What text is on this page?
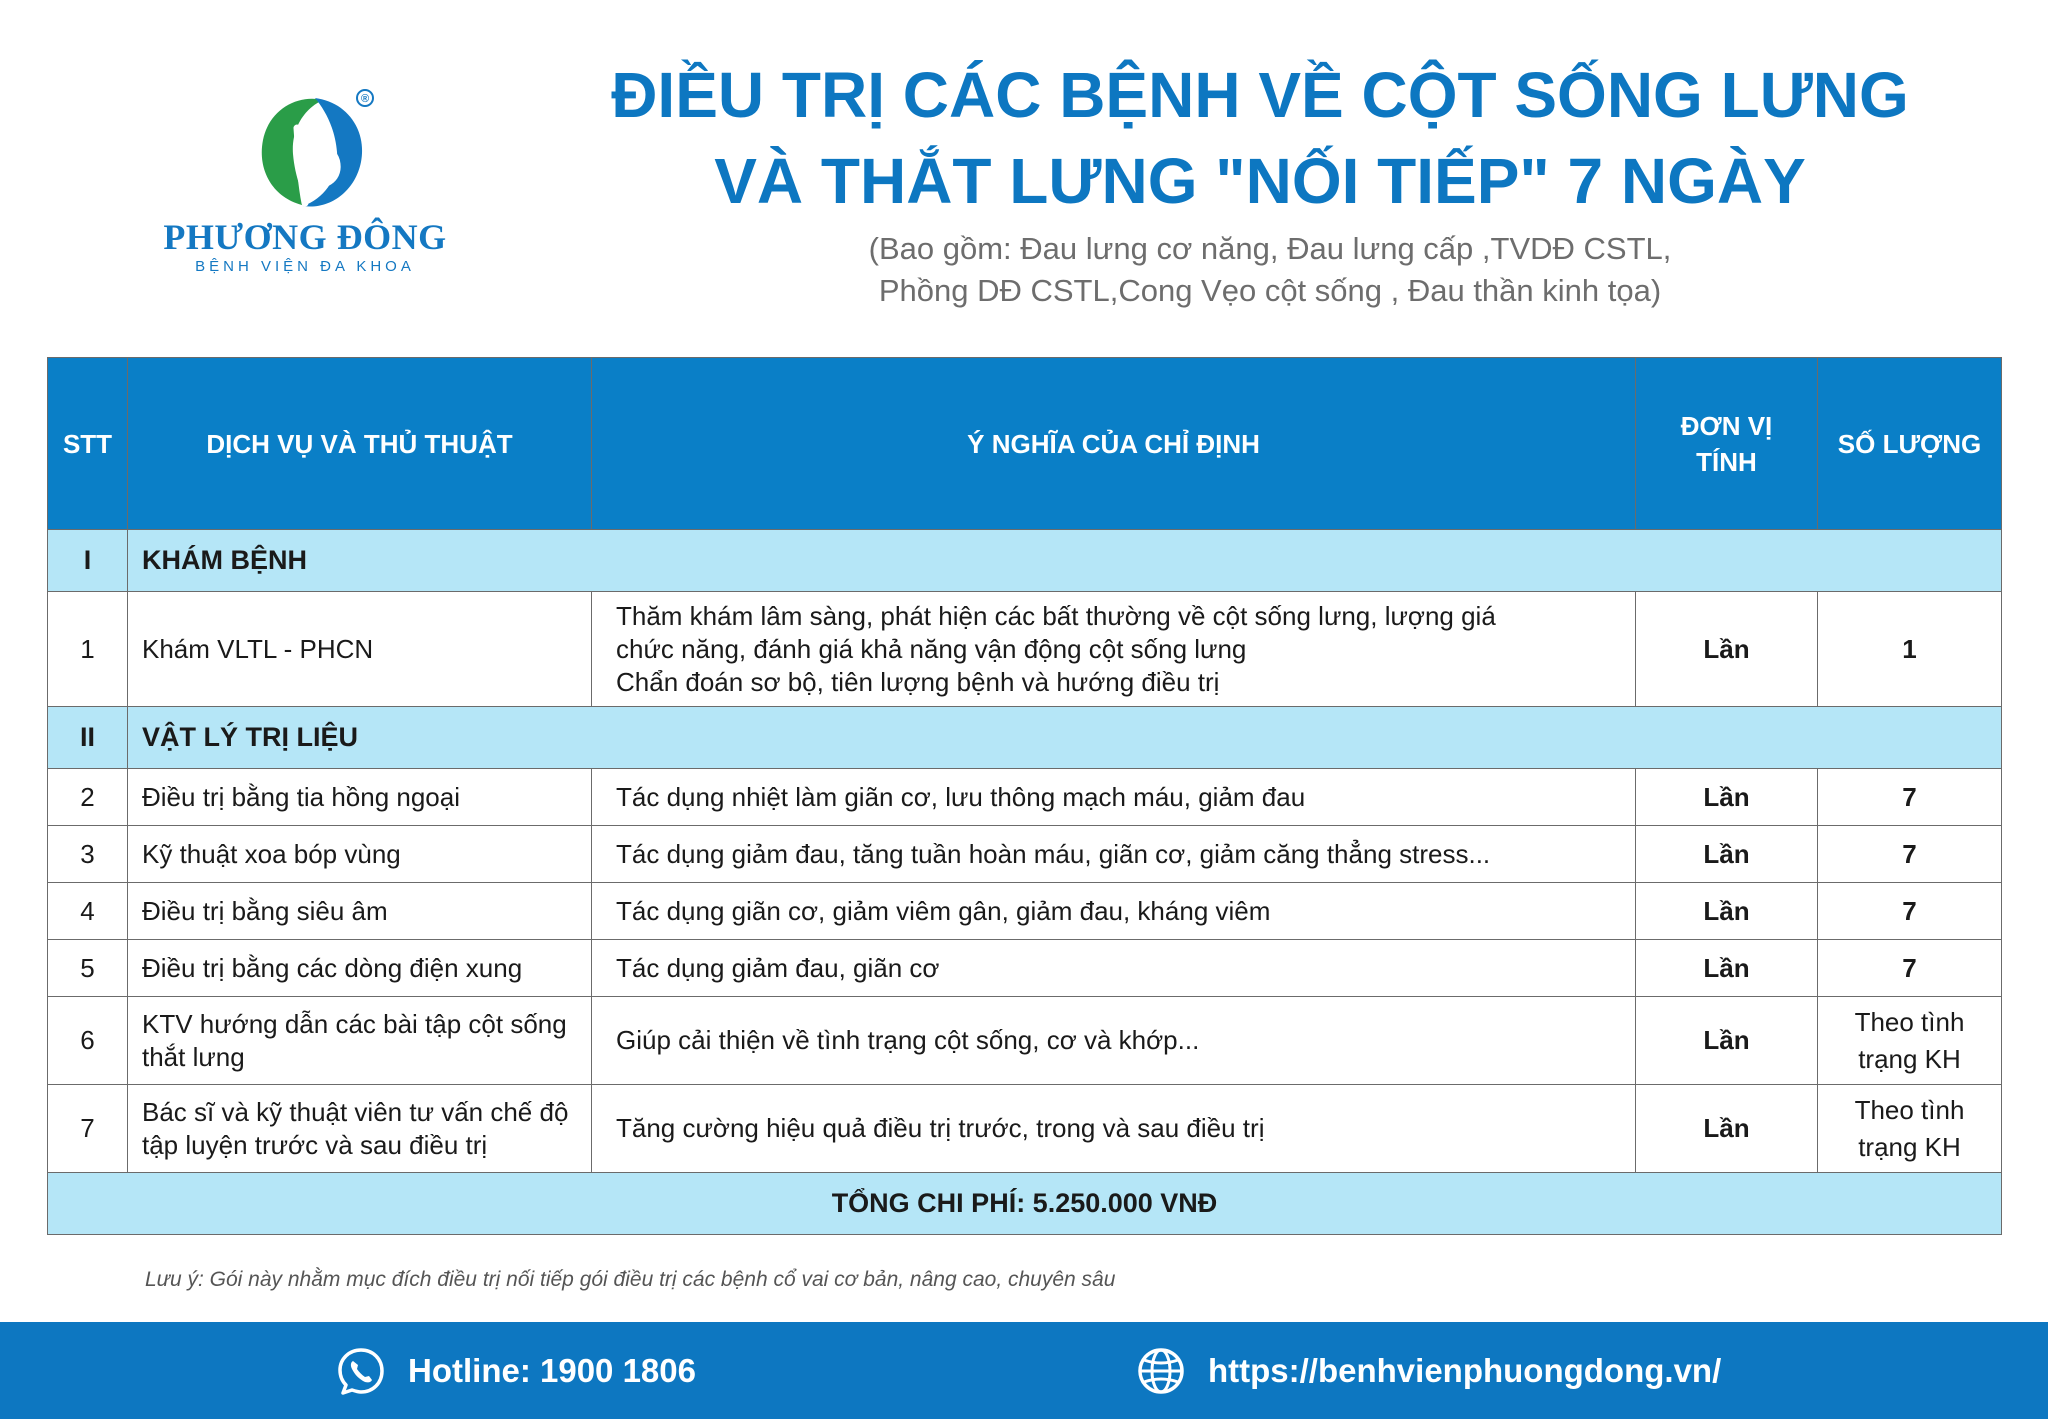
®
PHƯƠNG ĐÔNG
BỆNH VIỆN ĐA KHOA
ĐIỀU TRỊ CÁC BỆNH VỀ CỘT SỐNG LƯNG
VÀ THẮT LƯNG "NỐI TIẾP" 7 NGÀY
(Bao gồm: Đau lưng cơ năng, Đau lưng cấp ,TVDĐ CSTL,
Phồng DĐ CSTL,Cong Vẹo cột sống , Đau thần kinh tọa)
STT	DỊCH VỤ VÀ THỦ THUẬT	Ý NGHĨA CỦA CHỈ ĐỊNH	ĐƠN VỊ TÍNH	SỐ LƯỢNG
I	KHÁM BỆNH			
1	Khám VLTL - PHCN	Thăm khám lâm sàng, phát hiện các bất thường về cột sống lưng, lượng giá
chức năng, đánh giá khả năng vận động cột sống lưng
Chẩn đoán sơ bộ, tiên lượng bệnh và hướng điều trị	Lần	1
II	VẬT LÝ TRỊ LIỆU			
2	Điều trị bằng tia hồng ngoại	Tác dụng nhiệt làm giãn cơ, lưu thông mạch máu, giảm đau	Lần	7
3	Kỹ thuật xoa bóp vùng	Tác dụng giảm đau, tăng tuần hoàn máu, giãn cơ, giảm căng thẳng stress...	Lần	7
4	Điều trị bằng siêu âm	Tác dụng giãn cơ, giảm viêm gân, giảm đau, kháng viêm	Lần	7
5	Điều trị bằng các dòng điện xung	Tác dụng giảm đau, giãn cơ	Lần	7
6	KTV hướng dẫn các bài tập cột sống thắt lưng	Giúp cải thiện về tình trạng cột sống, cơ và khớp...	Lần	Theo tình trạng KH
7	Bác sĩ và kỹ thuật viên tư vấn chế độ tập luyện trước và sau điều trị	Tăng cường hiệu quả điều trị trước, trong và sau điều trị	Lần	Theo tình trạng KH
TỔNG CHI PHÍ: 5.250.000 VNĐ				
Lưu ý: Gói này nhằm mục đích điều trị nối tiếp gói điều trị các bệnh cổ vai cơ bản, nâng cao, chuyên sâu
Hotline: 1900 1806	https://benhvienphuongdong.vn/
